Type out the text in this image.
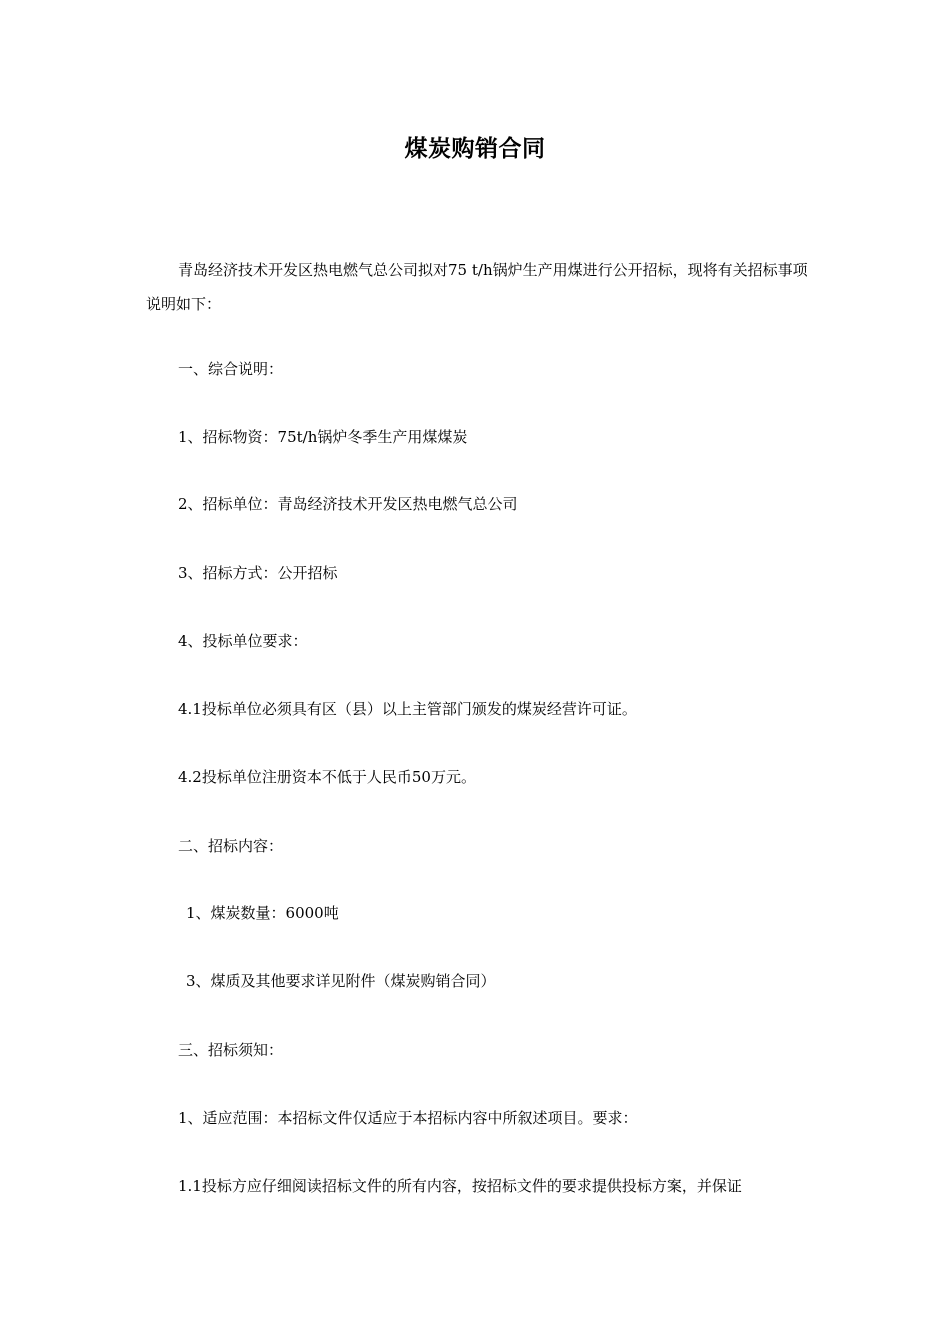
煤炭购销合同
青岛经济技术开发区热电燃气总公司拟对75 t/h锅炉生产用煤进行公开招标，现将有关招标事项说明如下：
一、综合说明：
1、招标物资：75t/h锅炉冬季生产用煤煤炭
2、招标单位：青岛经济技术开发区热电燃气总公司
3、招标方式：公开招标
4、投标单位要求：
4.1投标单位必须具有区（县）以上主管部门颁发的煤炭经营许可证。
4.2投标单位注册资本不低于人民币50万元。
二、招标内容：
1、煤炭数量：6000吨
3、煤质及其他要求详见附件（煤炭购销合同）
三、招标须知：
1、适应范围：本招标文件仅适应于本招标内容中所叙述项目。要求：
1.1投标方应仔细阅读招标文件的所有内容，按招标文件的要求提供投标方案，并保证
